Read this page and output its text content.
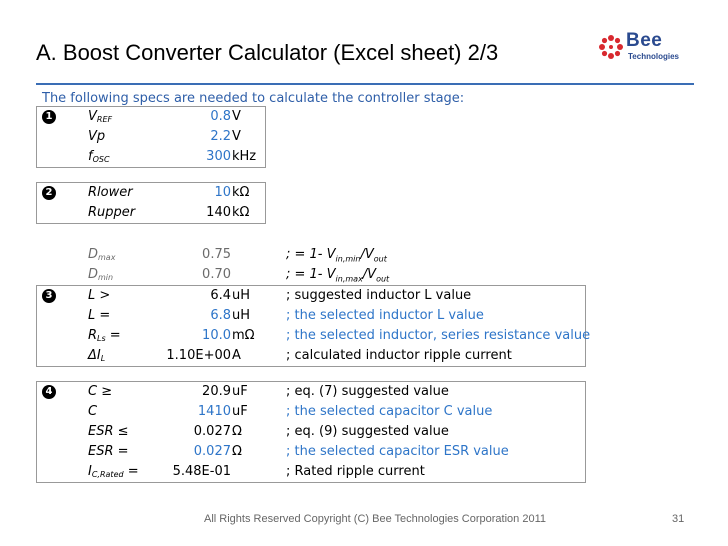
A. Boost Converter Calculator (Excel sheet) 2/3	Bee
Technologies
The following specs are needed to calculate the controller stage:
1	$V_{REF}$	0.8 V
Vp	2.2 V
$f_{OSC}$	300 kHz
2	Rlower	10 kΩ
Rupper	140 kΩ
$D_{max}$	0.75	; = 1- $V_{in,min}/V_{out}$
$D_{min}$	0.70	; = 1- $V_{in,max}/V_{out}$
3	L >	6.4 uH	; suggested inductor L value
L =	6.8 uH	; the selected inductor L value
$R_{Ls}$ =	10.0 mΩ ; the selected inductor, series resistance value
$\Delta I_L$	1.10E+00 A	; calculated inductor ripple current
4	C ≥	20.9 uF	; eq. (7) suggested value
C	1410 uF	; the selected capacitor C value
ESR ≤	0.027 Ω	; eq. (9) suggested value
ESR =	0.027 Ω	; the selected capacitor ESR value
$I_{C,Rated}$ =	5.48E-01	; Rated ripple current
All Rights Reserved Copyright (C) Bee Technologies Corporation 2011	31
